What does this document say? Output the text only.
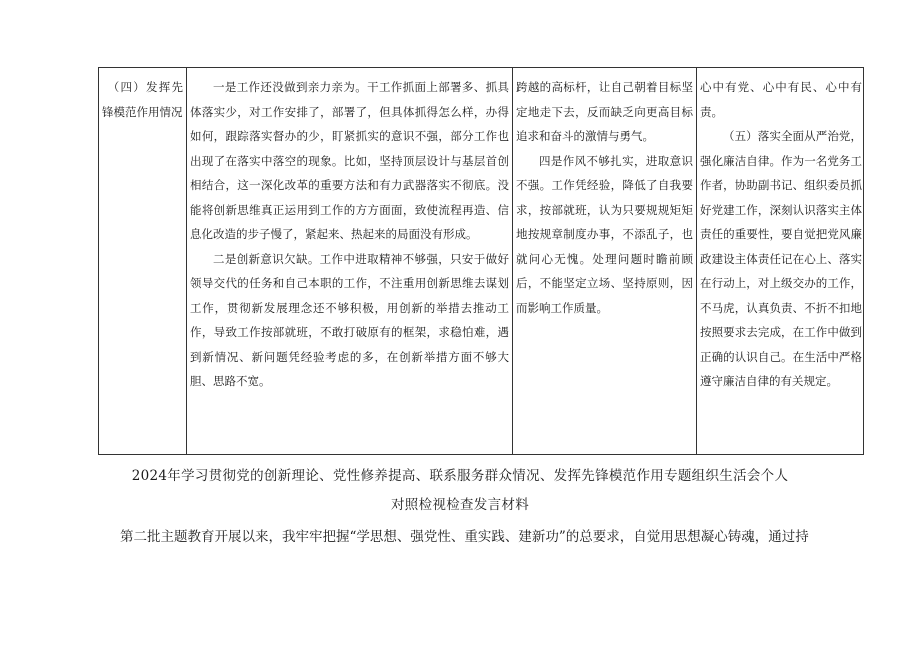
（四）发挥先锋模范作用情况

一是工作还没做到亲力亲为。干工作抓面上部署多、抓具体落实少，对工作安排了，部署了，但具体抓得怎么样，办得如何，跟踪落实督办的少，盯紧抓实的意识不强，部分工作也出现了在落实中落空的现象。比如，坚持顶层设计与基层首创相结合，这一深化改革的重要方法和有力武器落实不彻底。没能将创新思维真正运用到工作的方方面面，致使流程再造、信息化改造的步子慢了，紧起来、热起来的局面没有形成。

二是创新意识欠缺。工作中进取精神不够强，只安于做好领导交代的任务和自己本职的工作，不注重用创新思维去谋划工作，贯彻新发展理念还不够积极，用创新的举措去推动工作，导致工作按部就班，不敢打破原有的框架，求稳怕难，遇到新情况、新问题凭经验考虑的多，在创新举措方面不够大胆、思路不宽。

跨越的高标杆，让自己朝着目标坚定地走下去，反而缺乏向更高目标追求和奋斗的激情与勇气。

四是作风不够扎实，进取意识不强。工作凭经验，降低了自我要求，按部就班，认为只要规规矩矩地按规章制度办事，不添乱子，也就问心无愧。处理问题时瞻前顾后，不能坚定立场、坚持原则，因而影响工作质量。

心中有党、心中有民、心中有责。

（五）落实全面从严治党，强化廉洁自律。作为一名党务工作者，协助副书记、组织委员抓好党建工作，深刻认识落实主体责任的重要性，要自觉把党风廉政建设主体责任记在心上、落实在行动上，对上级交办的工作，不马虎，认真负责、不折不扣地按照要求去完成，在工作中做到正确的认识自己。在生活中严格遵守廉洁自律的有关规定。

2024年学习贯彻党的创新理论、党性修养提高、联系服务群众情况、发挥先锋模范作用专题组织生活会个人
对照检视检查发言材料
第二批主题教育开展以来，我牢牢把握“学思想、强党性、重实践、建新功”的总要求，自觉用思想凝心铸魂，通过持
